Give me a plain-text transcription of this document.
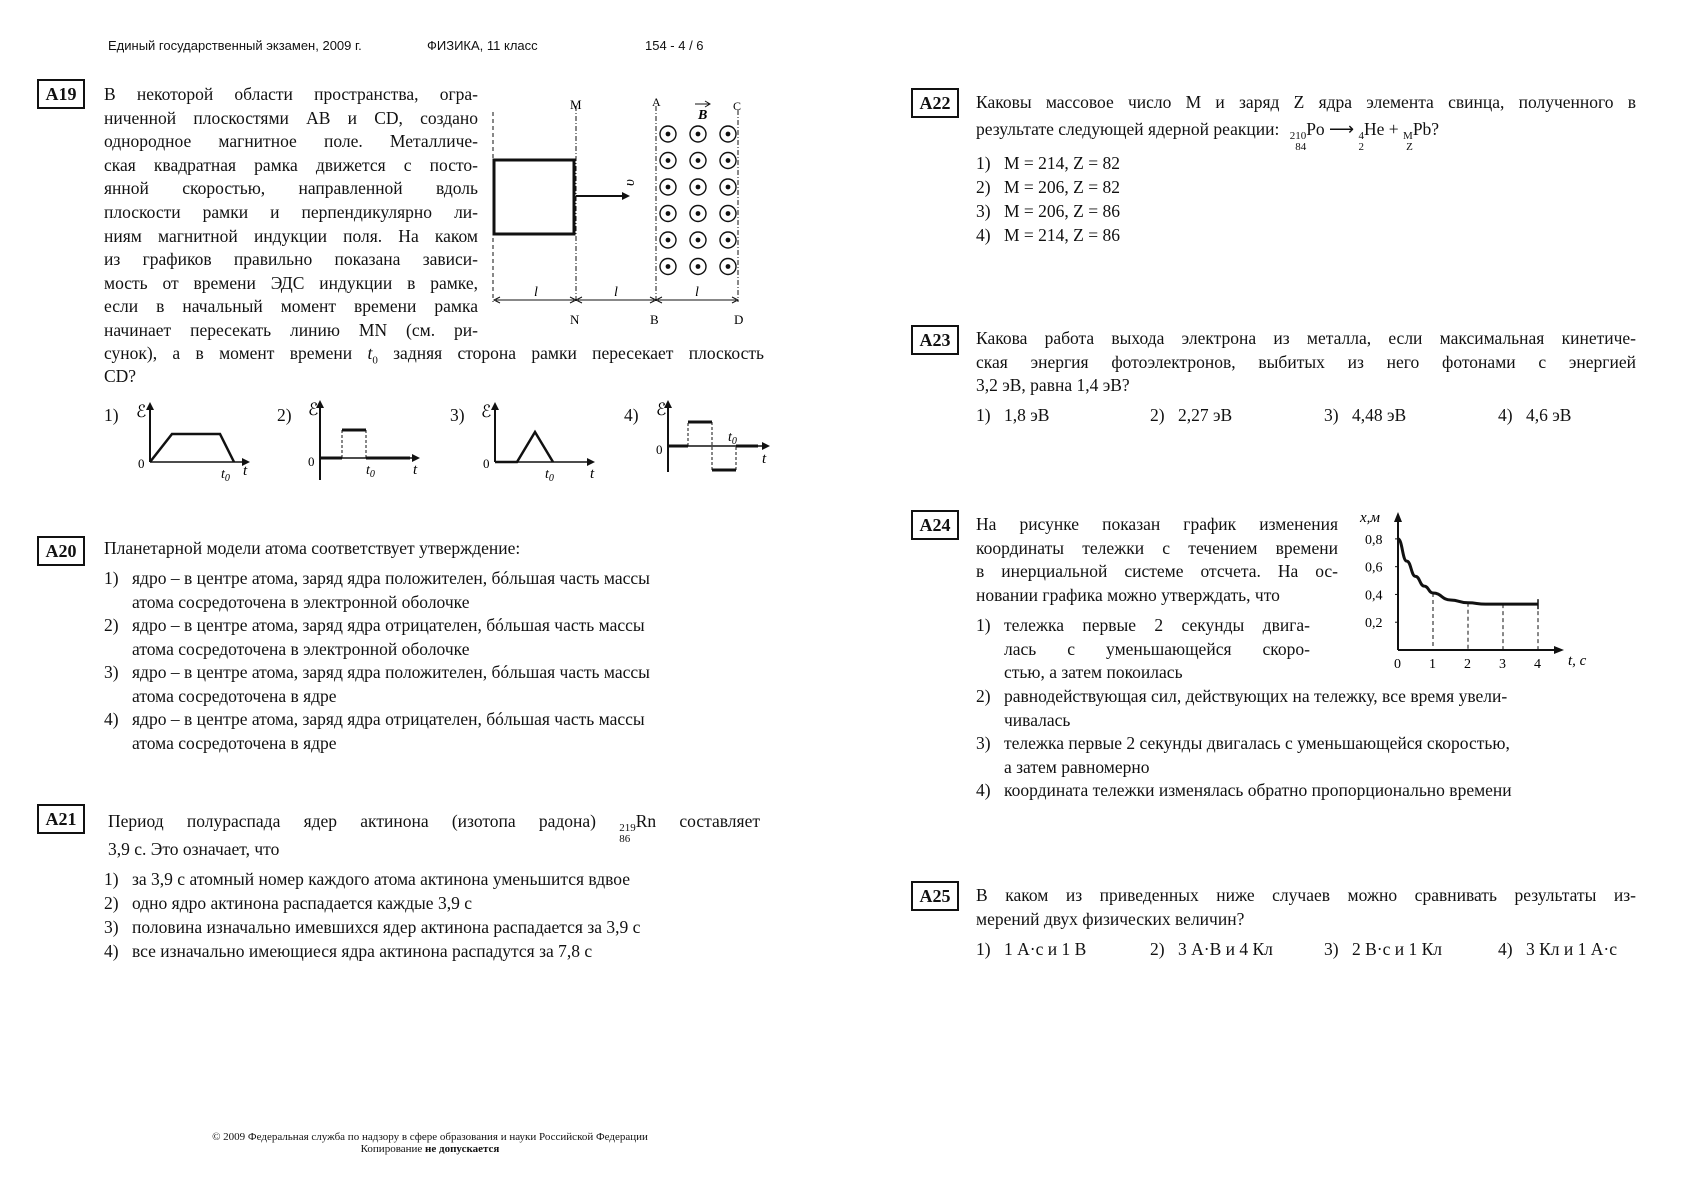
Единый государственный экзамен, 2009 г.	ФИЗИКА, 11 класс	154 - 4 / 6
А19	В некоторой области пространства, огра-
ниченной плоскостями AB и CD, создано
однородное магнитное поле. Металличе-
ская квадратная рамка движется с посто-
янной скоростью, направленной вдоль
плоскости рамки и перпендикулярно ли-
ниям магнитной индукции поля. На каком
из графиков правильно показана зависи-
мость от времени ЭДС индукции в рамке,
если в начальный момент времени рамка
начинает пересекать линию MN (см. ри-
сунок), а в момент времени $t_0$ задняя сторона рамки пересекает плоскость
CD?
M
N
A
B
C
D
B
υ
l	l	l
1) ℰ
0
$t_0$ t
2) ℰ
0
$t_0$	t
3) ℰ
0
$t_0$ t
4) ℰ
0
$t_0$
t
А20	Планетарной модели атома соответствует утверждение:
1) ядро – в центре атома, заряд ядра положителен, бóльшая часть массы
атома сосредоточена в электронной оболочке
2) ядро – в центре атома, заряд ядра отрицателен, бóльшая часть массы
атома сосредоточена в электронной оболочке
3) ядро – в центре атома, заряд ядра положителен, бóльшая часть массы
атома сосредоточена в ядре
4) ядро – в центре атома, заряд ядра отрицателен, бóльшая часть массы
атома сосредоточена в ядре
А21	Период полураспада ядер актинона (изотопа радона) 219
86
Rn составляет
3,9 с. Это означает, что
1) за 3,9 с атомный номер каждого атома актинона уменьшится вдвое
2) одно ядро актинона распадается каждые 3,9 с
3) половина изначально имевшихся ядер актинона распадается за 3,9 с
4) все изначально имеющиеся ядра актинона распадутся за 7,8 с
А22	Каковы массовое число M и заряд Z ядра элемента свинца, полученного в
результате следующей ядерной реакции: 210
84
Po ⟶ 4
2
He + M
Z
Pb?
1) M = 214, Z = 82
2) M = 206, Z = 82
3) M = 206, Z = 86
4) M = 214, Z = 86
А23	Какова работа выхода электрона из металла, если максимальная кинетиче-
ская энергия фотоэлектронов, выбитых из него фотонами с энергией
3,2 эВ, равна 1,4 эВ?
1) 1,8 эВ	2) 2,27 эВ	3) 4,48 эВ	4) 4,6 эВ
А24	На рисунке показан график изменения
координаты тележки с течением времени
в инерциальной системе отсчета. На ос-
новании графика можно утверждать, что
1) тележка первые 2 секунды двига-
лась с уменьшающейся скоро-
стью, а затем покоилась
2) равнодействующая сил, действующих на тележку, все время увели-
чивалась
3) тележка первые 2 секунды двигалась с уменьшающейся скоростью,
а затем равномерно
4) координата тележки изменялась обратно пропорционально времени
0 1 2 3 4
0,2
0,4
0,6
0,8
x,м
t, с
А25	В каком из приведенных ниже случаев можно сравнивать результаты из-
мерений двух физических величин?
1) 1 А·с и 1 В	2) 3 А·В и 4 Кл	3) 2 В·с и 1 Кл	4) 3 Кл и 1 А·с
© 2009 Федеральная служба по надзору в сфере образования и науки Российской Федерации
Копирование не допускается
